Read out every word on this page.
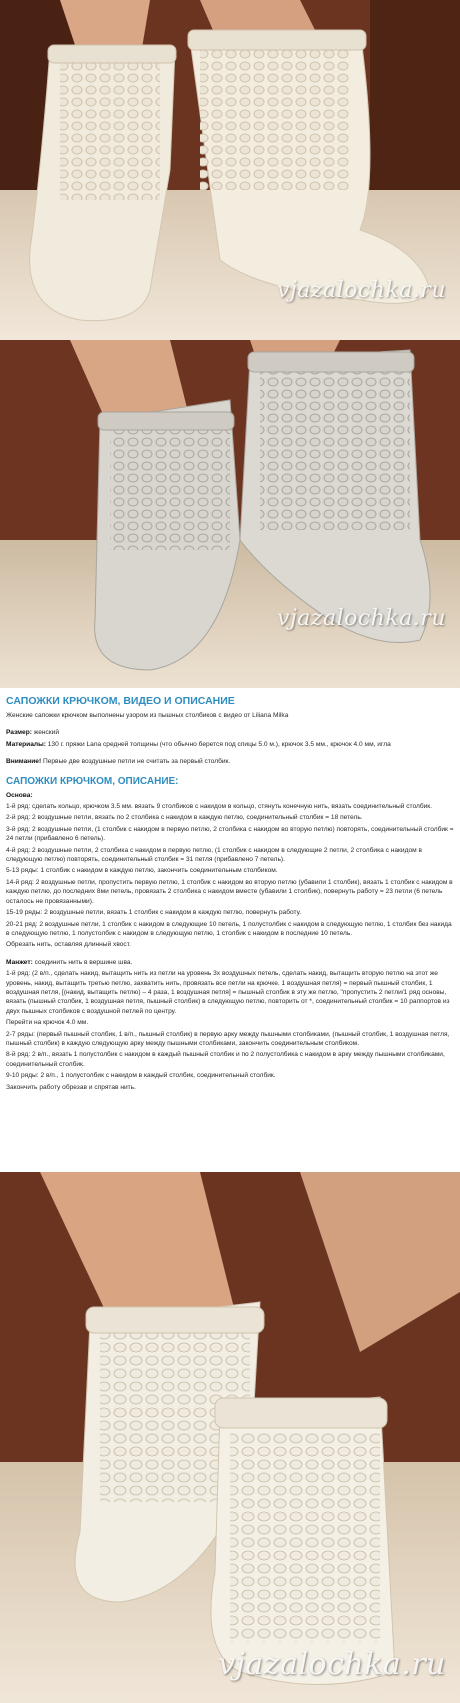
vjazalochka.ru
vjazalochka.ru
САПОЖКИ КРЮЧКОМ, ВИДЕО И ОПИСАНИЕ
Женские сапожки крючком выполнены узором из пышных столбиков с видео от Liliana Milka
Размер: женский
Материалы: 130 г. пряжи Lana средней толщины (что обычно берется под спицы 5.0 м.), крючок 3.5 мм., крючок 4.0 мм, игла
Внимание! Первые две воздушные петли не считать за первый столбик.
САПОЖКИ КРЮЧКОМ, ОПИСАНИЕ:
Основа:
1-й ряд: сделать кольцо, крючком 3.5 мм. вязать 9 столбиков с накидом в кольцо, стянуть конечную нить, вязать соединительный столбик.
2-й ряд: 2 воздушные петли, вязать по 2 столбика с накидом в каждую петлю, соединительный столбик = 18 петель.
3-й ряд: 2 воздушные петли, (1 столбик с накидом в первую петлю, 2 столбика с накидом во вторую петлю) повторять, соединительный столбик = 24 петли (прибавлено 6 петель).
4-й ряд: 2 воздушные петли, 2 столбика с накидом в первую петлю, (1 столбик с накидом в следующие 2 петли, 2 столбика с накидом в следующую петлю) повторять, соединительный столбик = 31 петля (прибавлено 7 петель).
5-13 ряды: 1 столбик с накидом в каждую петлю, закончить соединительным столбиком.
14-й ряд: 2 воздушные петли, пропустить первую петлю, 1 столбик с накидом во вторую петлю (убавили 1 столбик), вязать 1 столбик с накидом в каждую петлю, до последних 8ми петель, провязать 2 столбика с накидом вместе (убавили 1 столбик), повернуть работу = 23 петли (6 петель осталось не провязанными).
15-19 ряды: 2 воздушные петли, вязать 1 столбик с накидом в каждую петлю, повернуть работу.
20-21 ряд: 2 воздушные петли, 1 столбик с накидом в следующие 10 петель, 1 полустолбик с накидом в следующую петлю, 1 столбик без накида в следующую петлю, 1 полустолбик с накидом в следующую петлю, 1 столбик с накидом в последние 10 петель.
Обрезать нить, оставляя длинный хвост.
Манжет: соединить нить в вершине шва.
1-й ряд: (2 в/п., сделать накид, вытащить нить из петли на уровень 3х воздушных петель, сделать накид, вытащить вторую петлю на этот же уровень, накид, вытащить третью петлю, захватить нить, провязать все петли на крючке. 1 воздушная петля) = первый пышный столбик, 1 воздушная петля, [(накид, вытащить петлю) – 4 раза, 1 воздушная петля] = пышный столбик в эту же петлю, "пропустить 2 петли/1 ряд основы, вязать (пышный столбик, 1 воздушная петля, пышный столбик) в следующую петлю, повторить от *, соединительный столбик = 10 раппортов из двух пышных столбиков с воздушной петлей по центру.
Перейти на крючок 4.0 мм.
2-7 ряды: (первый пышный столбик, 1 в/п., пышный столбик) в первую арку между пышными столбиками, (пышный столбик, 1 воздушная петля, пышный столбик) в каждую следующую арку между пышными столбиками, закончить соединительным столбиком.
8-й ряд: 2 в/п., вязать 1 полустолбик с накидом в каждый пышный столбик и по 2 полустолбика с накидом в арку между пышными столбиками, соединительный столбик.
9-10 ряды: 2 в/п., 1 полустолбик с накидом в каждый столбик, соединительный столбик.
Закончить работу обрезав и спрятав нить.
vjazalochka.ru
